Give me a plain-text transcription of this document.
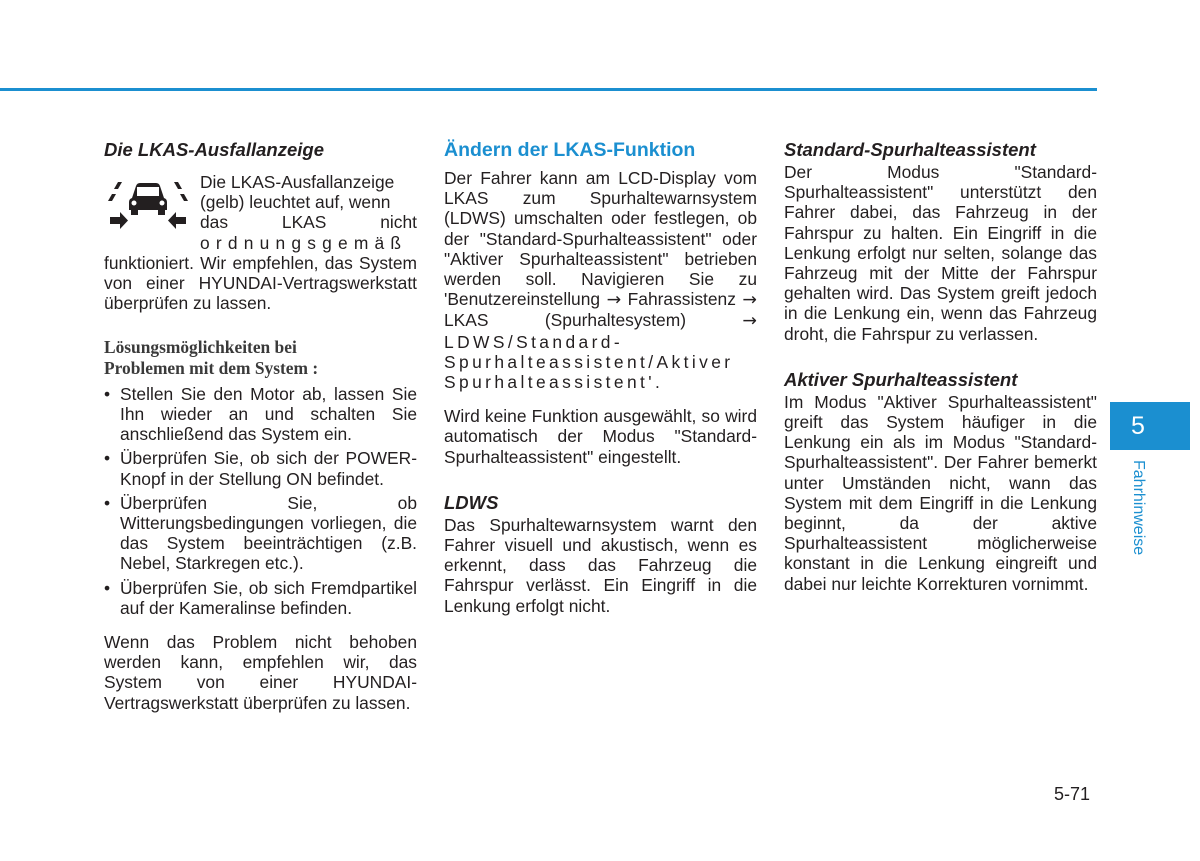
Die LKAS-Ausfallanzeige
Die LKAS-Ausfallanzeige
(gelb) leuchtet auf, wenn
das LKAS nicht
ordnungsgemäß

funktioniert. Wir empfehlen, das System von einer HYUNDAI-Vertragswerkstatt überprüfen zu lassen.

Lösungsmöglichkeiten bei
Problemen mit dem System :
• Stellen Sie den Motor ab, lassen Sie Ihn wieder an und schalten Sie anschließend das System ein.
• Überprüfen Sie, ob sich der POWER-Knopf in der Stellung ON befindet.
• Überprüfen Sie, ob Witterungsbedingungen vorliegen, die das System beeinträchtigen (z.B. Nebel, Starkregen etc.).
• Überprüfen Sie, ob sich Fremdpartikel auf der Kameralinse befinden.

Wenn das Problem nicht behoben werden kann, empfehlen wir, das System von einer HYUNDAI-Vertragswerkstatt überprüfen zu lassen.

Ändern der LKAS-Funktion

Der Fahrer kann am LCD-Display vom LKAS zum Spurhaltewarnsystem (LDWS) umschalten oder festlegen, ob der "Standard-Spurhalteassistent" oder "Aktiver Spurhalteassistent" betrieben werden soll. Navigieren Sie zu 'Benutzereinstellung → Fahrassistenz → LKAS (Spurhaltesystem) → LDWS/Standard-Spurhalteassistent/Aktiver Spurhalteassistent'.

Wird keine Funktion ausgewählt, so wird automatisch der Modus "Standard-Spurhalteassistent" eingestellt.

LDWS

Das Spurhaltewarnsystem warnt den Fahrer visuell und akustisch, wenn es erkennt, dass das Fahrzeug die Fahrspur verlässt. Ein Eingriff in die Lenkung erfolgt nicht.

Standard-Spurhalteassistent

Der Modus "Standard-Spurhalteassistent" unterstützt den Fahrer dabei, das Fahrzeug in der Fahrspur zu halten. Ein Eingriff in die Lenkung erfolgt nur selten, solange das Fahrzeug mit der Mitte der Fahrspur gehalten wird. Das System greift jedoch in die Lenkung ein, wenn das Fahrzeug droht, die Fahrspur zu verlassen.

Aktiver Spurhalteassistent

Im Modus "Aktiver Spurhalteassistent" greift das System häufiger in die Lenkung ein als im Modus "Standard-Spurhalteassistent". Der Fahrer bemerkt unter Umständen nicht, wann das System mit dem Eingriff in die Lenkung beginnt, da der aktive Spurhalteassistent möglicherweise konstant in die Lenkung eingreift und dabei nur leichte Korrekturen vornimmt.

5
Fahrhinweise
5-71
